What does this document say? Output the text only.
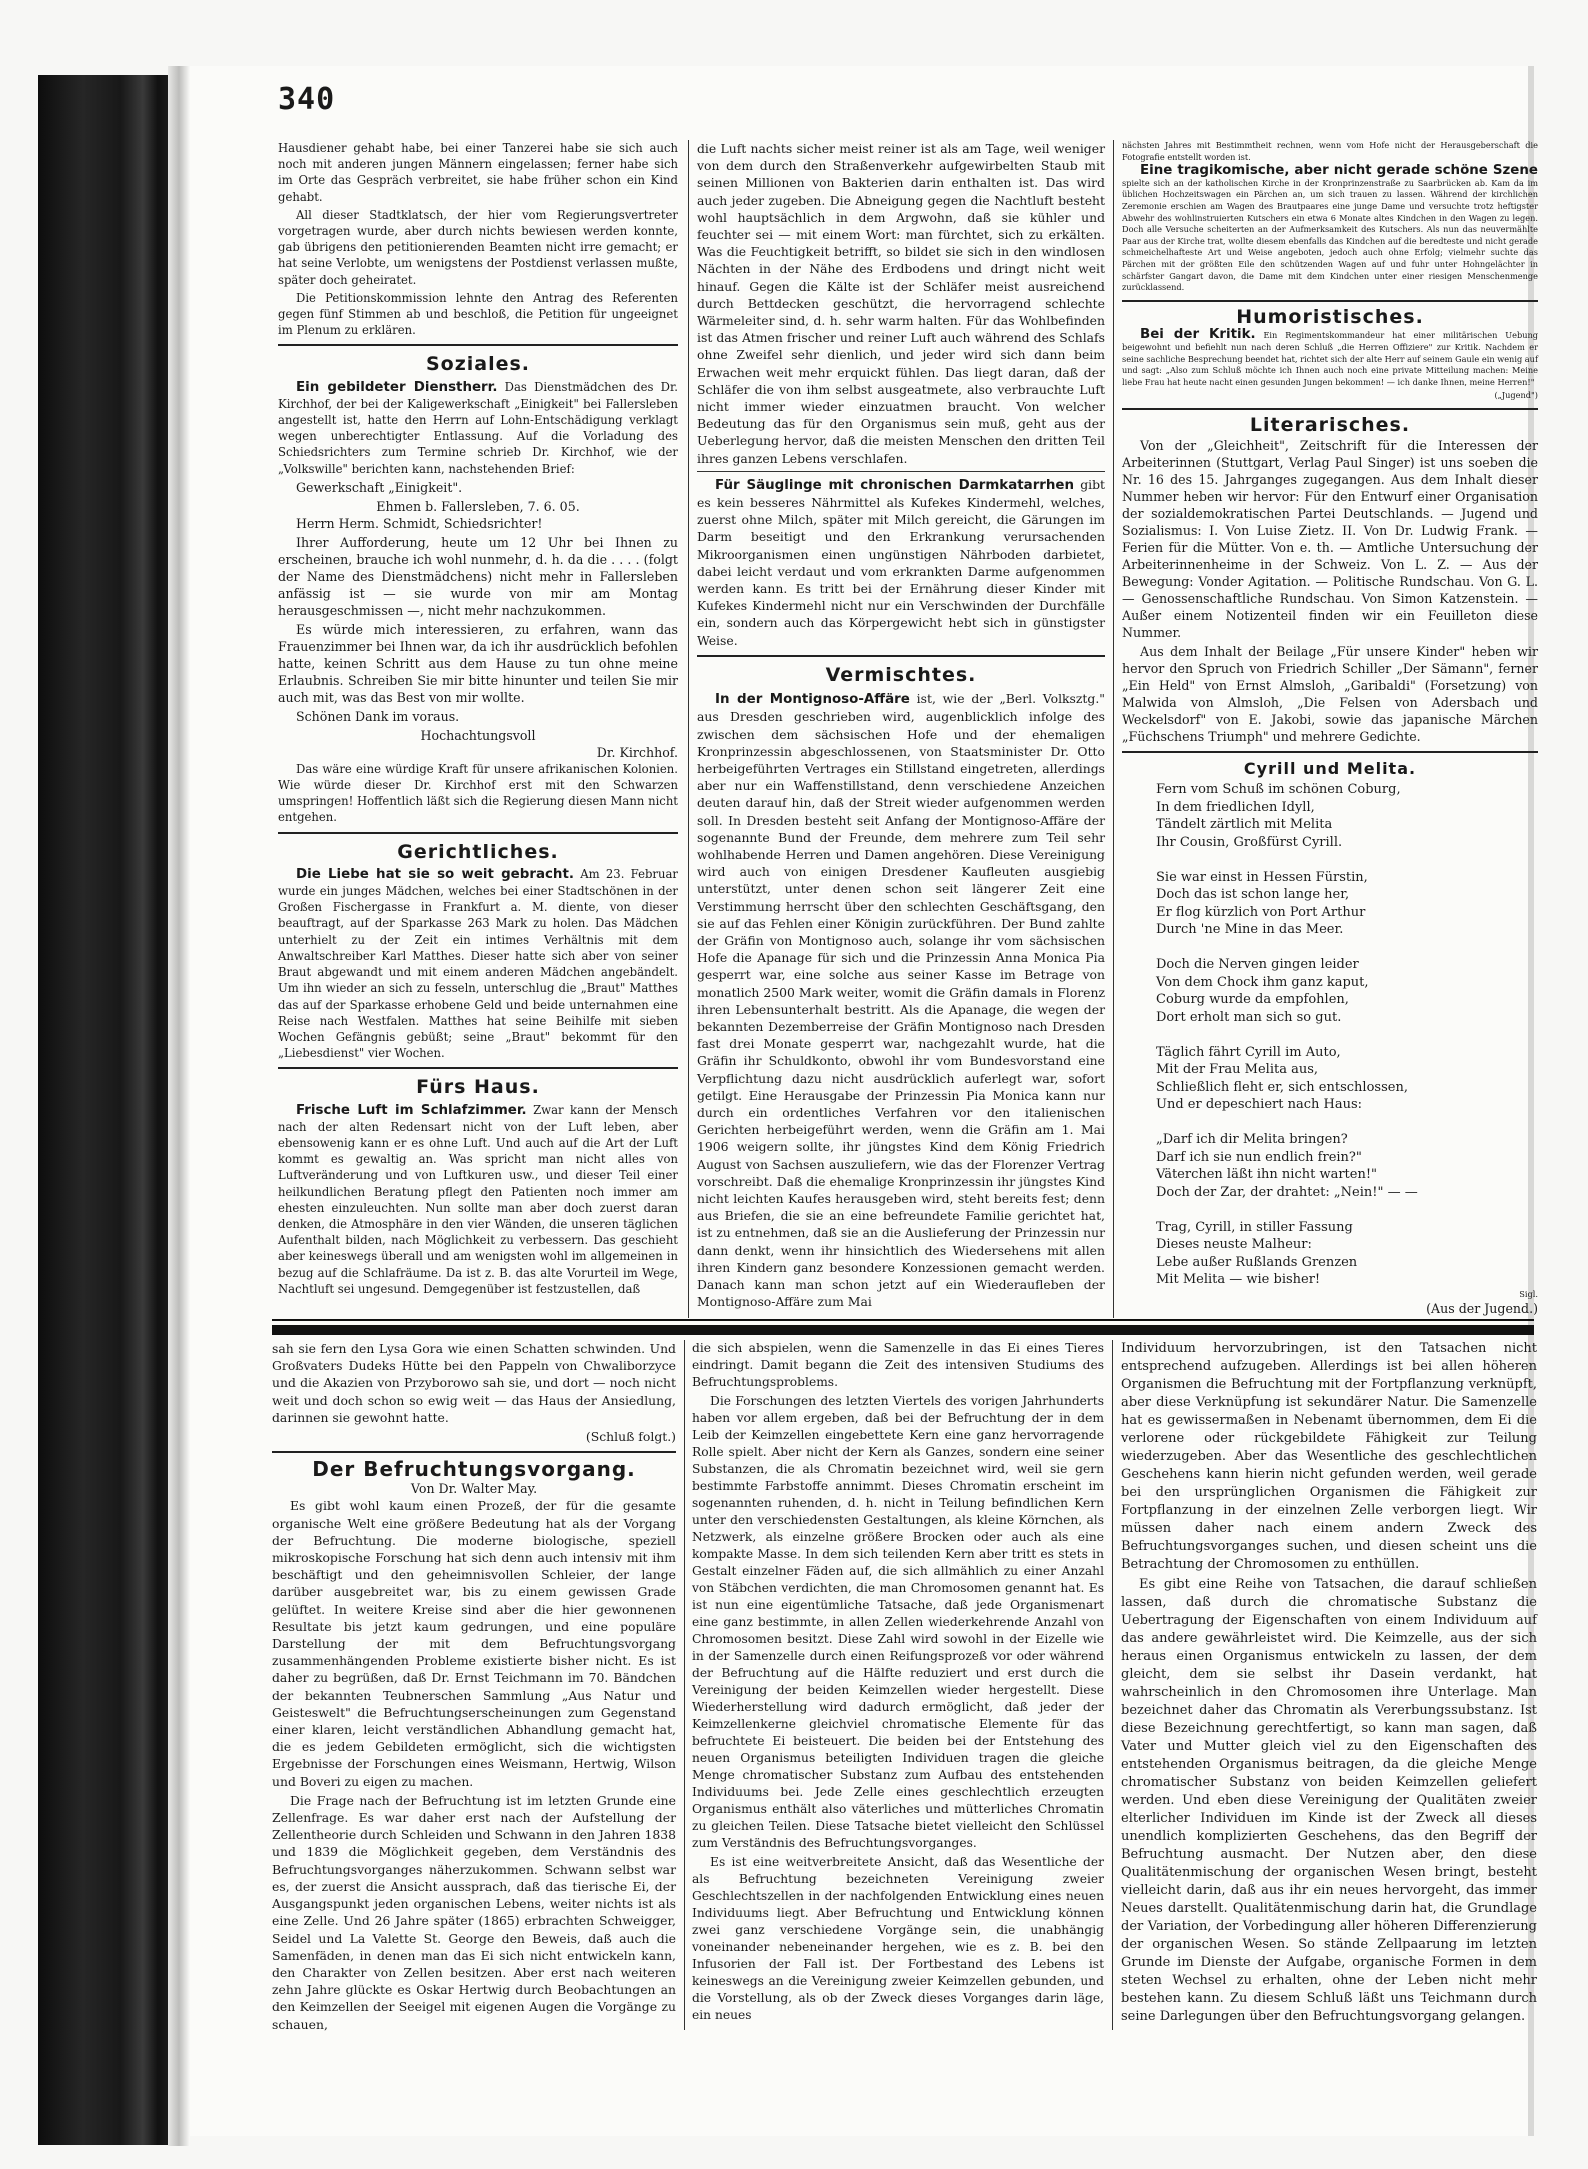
340

Hausdiener gehabt habe, bei einer Tanzerei habe sie sich auch noch mit anderen jungen Männern eingelassen; ferner habe sich im Orte das Gespräch verbreitet, sie habe früher schon ein Kind gehabt.

All dieser Stadtklatsch, der hier vom Regierungsvertreter vorgetragen wurde, aber durch nichts bewiesen werden konnte, gab übrigens den petitionierenden Beamten nicht irre gemacht; er hat seine Verlobte, um wenigstens der Postdienst verlassen mußte, später doch geheiratet.

Die Petitionskommission lehnte den Antrag des Referenten gegen fünf Stimmen ab und beschloß, die Petition für ungeeignet im Plenum zu erklären.

Soziales.

Ein gebildeter Dienstherr. Das Dienstmädchen des Dr. Kirchhof, der bei der Kaligewerkschaft „Einigkeit" bei Fallersleben angestellt ist, hatte den Herrn auf Lohn-Entschädigung verklagt wegen unberechtigter Entlassung. Auf die Vorladung des Schiedsrichters zum Termine schrieb Dr. Kirchhof, wie der „Volkswille" berichten kann, nachstehenden Brief:

Gewerkschaft „Einigkeit".

Ehmen b. Fallersleben, 7. 6. 05.

Herrn Herm. Schmidt, Schiedsrichter!

Ihrer Aufforderung, heute um 12 Uhr bei Ihnen zu erscheinen, brauche ich wohl nunmehr, d. h. da die . . . . (folgt der Name des Dienstmädchens) nicht mehr in Fallersleben anfässig ist — sie wurde von mir am Montag herausgeschmissen —, nicht mehr nachzukommen.

Es würde mich interessieren, zu erfahren, wann das Frauenzimmer bei Ihnen war, da ich ihr ausdrücklich befohlen hatte, keinen Schritt aus dem Hause zu tun ohne meine Erlaubnis. Schreiben Sie mir bitte hinunter und teilen Sie mir auch mit, was das Best von mir wollte.

Schönen Dank im voraus.

Hochachtungsvoll
Dr. Kirchhof.

Das wäre eine würdige Kraft für unsere afrikanischen Kolonien. Wie würde dieser Dr. Kirchhof erst mit den Schwarzen umspringen! Hoffentlich läßt sich die Regierung diesen Mann nicht entgehen.

Gerichtliches.

Die Liebe hat sie so weit gebracht. Am 23. Februar wurde ein junges Mädchen, welches bei einer Stadtschönen in der Großen Fischergasse in Frankfurt a. M. diente, von dieser beauftragt, auf der Sparkasse 263 Mark zu holen. Das Mädchen unterhielt zu der Zeit ein intimes Verhältnis mit dem Anwaltschreiber Karl Matthes. Dieser hatte sich aber von seiner Braut abgewandt und mit einem anderen Mädchen angebändelt. Um ihn wieder an sich zu fesseln, unterschlug die „Braut" Matthes das auf der Sparkasse erhobene Geld und beide unternahmen eine Reise nach Westfalen. Matthes hat seine Beihilfe mit sieben Wochen Gefängnis gebüßt; seine „Braut" bekommt für den „Liebesdienst" vier Wochen.

Fürs Haus.

Frische Luft im Schlafzimmer. Zwar kann der Mensch nach der alten Redensart nicht von der Luft leben, aber ebensowenig kann er es ohne Luft. Und auch auf die Art der Luft kommt es gewaltig an. Was spricht man nicht alles von Luftveränderung und von Luftkuren usw., und dieser Teil einer heilkundlichen Beratung pflegt den Patienten noch immer am ehesten einzuleuchten. Nun sollte man aber doch zuerst daran denken, die Atmosphäre in den vier Wänden, die unseren täglichen Aufenthalt bilden, nach Möglichkeit zu verbessern. Das geschieht aber keineswegs überall und am wenigsten wohl im allgemeinen in bezug auf die Schlafräume. Da ist z. B. das alte Vorurteil im Wege, Nachtluft sei ungesund. Demgegenüber ist festzustellen, daß

die Luft nachts sicher meist reiner ist als am Tage, weil weniger von dem durch den Straßenverkehr aufgewirbelten Staub mit seinen Millionen von Bakterien darin enthalten ist. Das wird auch jeder zugeben. Die Abneigung gegen die Nachtluft besteht wohl hauptsächlich in dem Argwohn, daß sie kühler und feuchter sei — mit einem Wort: man fürchtet, sich zu erkälten. Was die Feuchtigkeit betrifft, so bildet sie sich in den windlosen Nächten in der Nähe des Erdbodens und dringt nicht weit hinauf. Gegen die Kälte ist der Schläfer meist ausreichend durch Bettdecken geschützt, die hervorragend schlechte Wärmeleiter sind, d. h. sehr warm halten. Für das Wohlbefinden ist das Atmen frischer und reiner Luft auch während des Schlafs ohne Zweifel sehr dienlich, und jeder wird sich dann beim Erwachen weit mehr erquickt fühlen. Das liegt daran, daß der Schläfer die von ihm selbst ausgeatmete, also verbrauchte Luft nicht immer wieder einzuatmen braucht. Von welcher Bedeutung das für den Organismus sein muß, geht aus der Ueberlegung hervor, daß die meisten Menschen den dritten Teil ihres ganzen Lebens verschlafen.

Für Säuglinge mit chronischen Darmkatarrhen gibt es kein besseres Nährmittel als Kufekes Kindermehl, welches, zuerst ohne Milch, später mit Milch gereicht, die Gärungen im Darm beseitigt und den Erkrankung verursachenden Mikroorganismen einen ungünstigen Nährboden darbietet, dabei leicht verdaut und vom erkrankten Darme aufgenommen werden kann. Es tritt bei der Ernährung dieser Kinder mit Kufekes Kindermehl nicht nur ein Verschwinden der Durchfälle ein, sondern auch das Körpergewicht hebt sich in günstigster Weise.

Vermischtes.

In der Montignoso-Affäre ist, wie der „Berl. Volksztg." aus Dresden geschrieben wird, augenblicklich infolge des zwischen dem sächsischen Hofe und der ehemaligen Kronprinzessin abgeschlossenen, von Staatsminister Dr. Otto herbeigeführten Vertrages ein Stillstand eingetreten, allerdings aber nur ein Waffenstillstand, denn verschiedene Anzeichen deuten darauf hin, daß der Streit wieder aufgenommen werden soll. In Dresden besteht seit Anfang der Montignoso-Affäre der sogenannte Bund der Freunde, dem mehrere zum Teil sehr wohlhabende Herren und Damen angehören. Diese Vereinigung wird auch von einigen Dresdener Kaufleuten ausgiebig unterstützt, unter denen schon seit längerer Zeit eine Verstimmung herrscht über den schlechten Geschäftsgang, den sie auf das Fehlen einer Königin zurückführen. Der Bund zahlte der Gräfin von Montignoso auch, solange ihr vom sächsischen Hofe die Apanage für sich und die Prinzessin Anna Monica Pia gesperrt war, eine solche aus seiner Kasse im Betrage von monatlich 2500 Mark weiter, womit die Gräfin damals in Florenz ihren Lebensunterhalt bestritt. Als die Apanage, die wegen der bekannten Dezemberreise der Gräfin Montignoso nach Dresden fast drei Monate gesperrt war, nachgezahlt wurde, hat die Gräfin ihr Schuldkonto, obwohl ihr vom Bundesvorstand eine Verpflichtung dazu nicht ausdrücklich auferlegt war, sofort getilgt. Eine Herausgabe der Prinzessin Pia Monica kann nur durch ein ordentliches Verfahren vor den italienischen Gerichten herbeigeführt werden, wenn die Gräfin am 1. Mai 1906 weigern sollte, ihr jüngstes Kind dem König Friedrich August von Sachsen auszuliefern, wie das der Florenzer Vertrag vorschreibt. Daß die ehemalige Kronprinzessin ihr jüngstes Kind nicht leichten Kaufes herausgeben wird, steht bereits fest; denn aus Briefen, die sie an eine befreundete Familie gerichtet hat, ist zu entnehmen, daß sie an die Auslieferung der Prinzessin nur dann denkt, wenn ihr hinsichtlich des Wiedersehens mit allen ihren Kindern ganz besondere Konzessionen gemacht werden. Danach kann man schon jetzt auf ein Wiederaufleben der Montignoso-Affäre zum Mai

nächsten Jahres mit Bestimmtheit rechnen, wenn vom Hofe nicht der Herausgeberschaft die Fotografie entstellt worden ist.

Eine tragikomische, aber nicht gerade schöne Szene spielte sich an der katholischen Kirche in der Kronprinzenstraße zu Saarbrücken ab. Kam da im üblichen Hochzeitswagen ein Pärchen an, um sich trauen zu lassen. Während der kirchlichen Zeremonie erschien am Wagen des Brautpaares eine junge Dame und versuchte trotz heftigster Abwehr des wohlinstruierten Kutschers ein etwa 6 Monate altes Kindchen in den Wagen zu legen. Doch alle Versuche scheiterten an der Aufmerksamkeit des Kutschers. Als nun das neuvermählte Paar aus der Kirche trat, wollte diesem ebenfalls das Kindchen auf die beredteste und nicht gerade schmeichelhafteste Art und Weise angeboten, jedoch auch ohne Erfolg; vielmehr suchte das Pärchen mit der größten Eile den schützenden Wagen auf und fuhr unter Hohngelächter in schärfster Gangart davon, die Dame mit dem Kindchen unter einer riesigen Menschenmenge zurücklassend.

Humoristisches.

Bei der Kritik. Ein Regimentskommandeur hat einer militärischen Uebung beigewohnt und befiehlt nun nach deren Schluß „die Herren Offiziere" zur Kritik. Nachdem er seine sachliche Besprechung beendet hat, richtet sich der alte Herr auf seinem Gaule ein wenig auf und sagt: „Also zum Schluß möchte ich Ihnen auch noch eine private Mitteilung machen: Meine liebe Frau hat heute nacht einen gesunden Jungen bekommen! — ich danke Ihnen, meine Herren!"

(„Jugend")
Literarisches.

Von der „Gleichheit", Zeitschrift für die Interessen der Arbeiterinnen (Stuttgart, Verlag Paul Singer) ist uns soeben die Nr. 16 des 15. Jahrganges zugegangen. Aus dem Inhalt dieser Nummer heben wir hervor: Für den Entwurf einer Organisation der sozialdemokratischen Partei Deutschlands. — Jugend und Sozialismus: I. Von Luise Zietz. II. Von Dr. Ludwig Frank. — Ferien für die Mütter. Von e. th. — Amtliche Untersuchung der Arbeiterinnenheime in der Schweiz. Von L. Z. — Aus der Bewegung: Vonder Agitation. — Politische Rundschau. Von G. L. — Genossenschaftliche Rundschau. Von Simon Katzenstein. — Außer einem Notizenteil finden wir ein Feuilleton diese Nummer.

Aus dem Inhalt der Beilage „Für unsere Kinder" heben wir hervor den Spruch von Friedrich Schiller „Der Sämann", ferner „Ein Held" von Ernst Almsloh, „Garibaldi" (Forsetzung) von Malwida von Almsloh, „Die Felsen von Adersbach und Weckelsdorf" von E. Jakobi, sowie das japanische Märchen „Füchschens Triumph" und mehrere Gedichte.

Cyrill und Melita.
Fern vom Schuß im schönen Coburg,
In dem friedlichen Idyll,
Tändelt zärtlich mit Melita
Ihr Cousin, Großfürst Cyrill.

Sie war einst in Hessen Fürstin,
Doch das ist schon lange her,
Er flog kürzlich von Port Arthur
Durch 'ne Mine in das Meer.

Doch die Nerven gingen leider
Von dem Chock ihm ganz kaput,
Coburg wurde da empfohlen,
Dort erholt man sich so gut.

Täglich fährt Cyrill im Auto,
Mit der Frau Melita aus,
Schließlich fleht er, sich entschlossen,
Und er depeschiert nach Haus:

„Darf ich dir Melita bringen?
Darf ich sie nun endlich frein?"
Väterchen läßt ihn nicht warten!"
Doch der Zar, der drahtet: „Nein!" — —

Trag, Cyrill, in stiller Fassung
Dieses neuste Malheur:
Lebe außer Rußlands Grenzen
Mit Melita — wie bisher!
Sigl.
(Aus der Jugend.)

sah sie fern den Lysa Gora wie einen Schatten schwinden. Und Großvaters Dudeks Hütte bei den Pappeln von Chwaliborzyce und die Akazien von Przyborowo sah sie, und dort — noch nicht weit und doch schon so ewig weit — das Haus der Ansiedlung, darinnen sie gewohnt hatte.

(Schluß folgt.)
Der Befruchtungsvorgang.
Von Dr. Walter May.

Es gibt wohl kaum einen Prozeß, der für die gesamte organische Welt eine größere Bedeutung hat als der Vorgang der Befruchtung. Die moderne biologische, speziell mikroskopische Forschung hat sich denn auch intensiv mit ihm beschäftigt und den geheimnisvollen Schleier, der lange darüber ausgebreitet war, bis zu einem gewissen Grade gelüftet. In weitere Kreise sind aber die hier gewonnenen Resultate bis jetzt kaum gedrungen, und eine populäre Darstellung der mit dem Befruchtungsvorgang zusammenhängenden Probleme existierte bisher nicht. Es ist daher zu begrüßen, daß Dr. Ernst Teichmann im 70. Bändchen der bekannten Teubnerschen Sammlung „Aus Natur und Geisteswelt" die Befruchtungserscheinungen zum Gegenstand einer klaren, leicht verständlichen Abhandlung gemacht hat, die es jedem Gebildeten ermöglicht, sich die wichtigsten Ergebnisse der Forschungen eines Weismann, Hertwig, Wilson und Boveri zu eigen zu machen.

Die Frage nach der Befruchtung ist im letzten Grunde eine Zellenfrage. Es war daher erst nach der Aufstellung der Zellentheorie durch Schleiden und Schwann in den Jahren 1838 und 1839 die Möglichkeit gegeben, dem Verständnis des Befruchtungsvorganges näherzukommen. Schwann selbst war es, der zuerst die Ansicht aussprach, daß das tierische Ei, der Ausgangspunkt jeden organischen Lebens, weiter nichts ist als eine Zelle. Und 26 Jahre später (1865) erbrachten Schweigger, Seidel und La Valette St. George den Beweis, daß auch die Samenfäden, in denen man das Ei sich nicht entwickeln kann, den Charakter von Zellen besitzen. Aber erst nach weiteren zehn Jahre glückte es Oskar Hertwig durch Beobachtungen an den Keimzellen der Seeigel mit eigenen Augen die Vorgänge zu schauen,

die sich abspielen, wenn die Samenzelle in das Ei eines Tieres eindringt. Damit begann die Zeit des intensiven Studiums des Befruchtungsproblems.

Die Forschungen des letzten Viertels des vorigen Jahrhunderts haben vor allem ergeben, daß bei der Befruchtung der in dem Leib der Keimzellen eingebettete Kern eine ganz hervorragende Rolle spielt. Aber nicht der Kern als Ganzes, sondern eine seiner Substanzen, die als Chromatin bezeichnet wird, weil sie gern bestimmte Farbstoffe annimmt. Dieses Chromatin erscheint im sogenannten ruhenden, d. h. nicht in Teilung befindlichen Kern unter den verschiedensten Gestaltungen, als kleine Körnchen, als Netzwerk, als einzelne größere Brocken oder auch als eine kompakte Masse. In dem sich teilenden Kern aber tritt es stets in Gestalt einzelner Fäden auf, die sich allmählich zu einer Anzahl von Stäbchen verdichten, die man Chromosomen genannt hat. Es ist nun eine eigentümliche Tatsache, daß jede Organismenart eine ganz bestimmte, in allen Zellen wiederkehrende Anzahl von Chromosomen besitzt. Diese Zahl wird sowohl in der Eizelle wie in der Samenzelle durch einen Reifungsprozeß vor oder während der Befruchtung auf die Hälfte reduziert und erst durch die Vereinigung der beiden Keimzellen wieder hergestellt. Diese Wiederherstellung wird dadurch ermöglicht, daß jeder der Keimzellenkerne gleichviel chromatische Elemente für das befruchtete Ei beisteuert. Die beiden bei der Entstehung des neuen Organismus beteiligten Individuen tragen die gleiche Menge chromatischer Substanz zum Aufbau des entstehenden Individuums bei. Jede Zelle eines geschlechtlich erzeugten Organismus enthält also väterliches und mütterliches Chromatin zu gleichen Teilen. Diese Tatsache bietet vielleicht den Schlüssel zum Verständnis des Befruchtungsvorganges.

Es ist eine weitverbreitete Ansicht, daß das Wesentliche der als Befruchtung bezeichneten Vereinigung zweier Geschlechtszellen in der nachfolgenden Entwicklung eines neuen Individuums liegt. Aber Befruchtung und Entwicklung können zwei ganz verschiedene Vorgänge sein, die unabhängig voneinander nebeneinander hergehen, wie es z. B. bei den Infusorien der Fall ist. Der Fortbestand des Lebens ist keineswegs an die Vereinigung zweier Keimzellen gebunden, und die Vorstellung, als ob der Zweck dieses Vorganges darin läge, ein neues

Individuum hervorzubringen, ist den Tatsachen nicht entsprechend aufzugeben. Allerdings ist bei allen höheren Organismen die Befruchtung mit der Fortpflanzung verknüpft, aber diese Verknüpfung ist sekundärer Natur. Die Samenzelle hat es gewissermaßen in Nebenamt übernommen, dem Ei die verlorene oder rückgebildete Fähigkeit zur Teilung wiederzugeben. Aber das Wesentliche des geschlechtlichen Geschehens kann hierin nicht gefunden werden, weil gerade bei den ursprünglichen Organismen die Fähigkeit zur Fortpflanzung in der einzelnen Zelle verborgen liegt. Wir müssen daher nach einem andern Zweck des Befruchtungsvorganges suchen, und diesen scheint uns die Betrachtung der Chromosomen zu enthüllen.

Es gibt eine Reihe von Tatsachen, die darauf schließen lassen, daß durch die chromatische Substanz die Uebertragung der Eigenschaften von einem Individuum auf das andere gewährleistet wird. Die Keimzelle, aus der sich heraus einen Organismus entwickeln zu lassen, der dem gleicht, dem sie selbst ihr Dasein verdankt, hat wahrscheinlich in den Chromosomen ihre Unterlage. Man bezeichnet daher das Chromatin als Vererbungssubstanz. Ist diese Bezeichnung gerechtfertigt, so kann man sagen, daß Vater und Mutter gleich viel zu den Eigenschaften des entstehenden Organismus beitragen, da die gleiche Menge chromatischer Substanz von beiden Keimzellen geliefert werden. Und eben diese Vereinigung der Qualitäten zweier elterlicher Individuen im Kinde ist der Zweck all dieses unendlich komplizierten Geschehens, das den Begriff der Befruchtung ausmacht. Der Nutzen aber, den diese Qualitätenmischung der organischen Wesen bringt, besteht vielleicht darin, daß aus ihr ein neues hervorgeht, das immer Neues darstellt. Qualitätenmischung darin hat, die Grundlage der Variation, der Vorbedingung aller höheren Differenzierung der organischen Wesen. So stände Zellpaarung im letzten Grunde im Dienste der Aufgabe, organische Formen in dem steten Wechsel zu erhalten, ohne der Leben nicht mehr bestehen kann. Zu diesem Schluß läßt uns Teichmann durch seine Darlegungen über den Befruchtungsvorgang gelangen.
